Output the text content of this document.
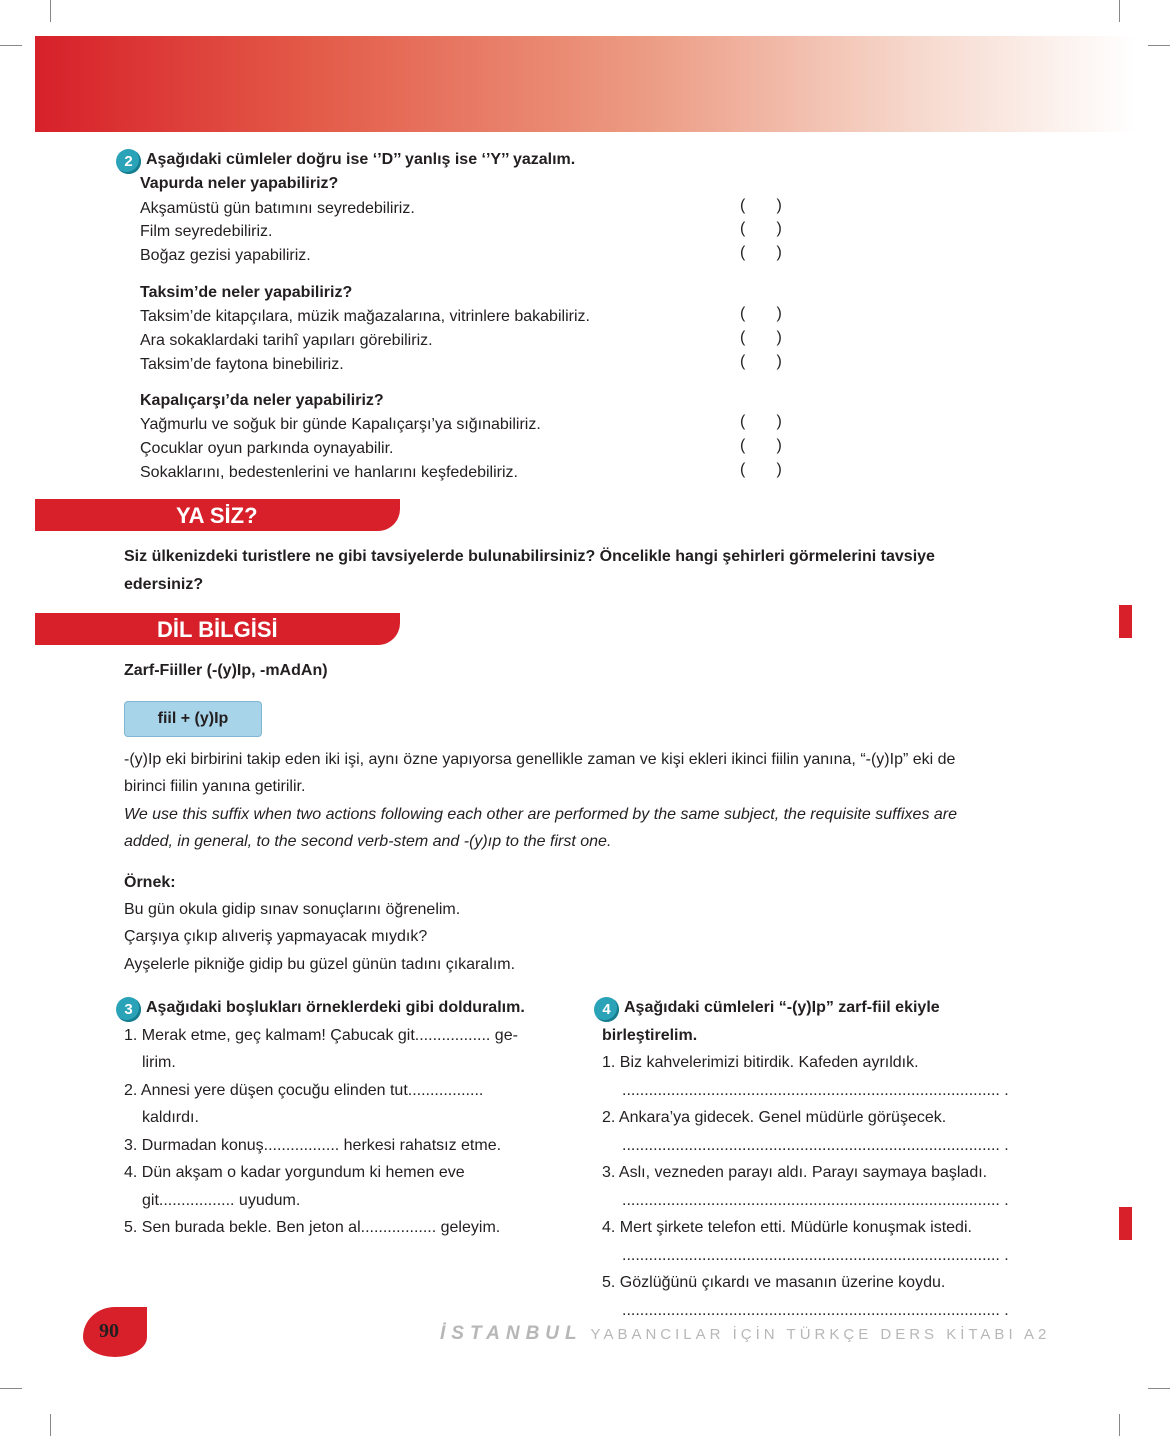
2 Aşağıdaki cümleler doğru ise ‘’D’’ yanlış ise ‘’Y’’ yazalım.
Vapurda neler yapabiliriz?
Akşamüstü gün batımını seyredebiliriz.	(       )
Film seyredebiliriz.	(       )
Boğaz gezisi yapabiliriz.	(       )
Taksim’de neler yapabiliriz?
Taksim’de kitapçılara, müzik mağazalarına, vitrinlere bakabiliriz.	(       )
Ara sokaklardaki tarihî yapıları görebiliriz.	(       )
Taksim’de faytona binebiliriz.	(       )
Kapalıçarşı’da neler yapabiliriz?
Yağmurlu ve soğuk bir günde Kapalıçarşı’ya sığınabiliriz.	(       )
Çocuklar oyun parkında oynayabilir.	(       )
Sokaklarını, bedestenlerini ve hanlarını keşfedebiliriz.	(       )
YA SİZ?
Siz ülkenizdeki turistlere ne gibi tavsiyelerde bulunabilirsiniz? Öncelikle hangi şehirleri görmelerini tavsiye
edersiniz?
DİL BİLGİSİ
Zarf-Fiiller (-(y)Ip, -mAdAn)
fiil + (y)Ip
-(y)Ip eki birbirini takip eden iki işi, aynı özne yapıyorsa genellikle zaman ve kişi ekleri ikinci fiilin yanına, “-(y)Ip” eki de
birinci fiilin yanına getirilir.
We use this suffix when two actions following each other are performed by the same subject, the requisite suffixes are
added, in general, to the second verb-stem and -(y)ıp to the first one.
Örnek:
Bu gün okula gidip sınav sonuçlarını öğrenelim.
Çarşıya çıkıp alıveriş yapmayacak mıydık?
Ayşelerle pikniğe gidip bu güzel günün tadını çıkaralım.
3 Aşağıdaki boşlukları örneklerdeki gibi dolduralım.
1. Merak etme, geç kalmam! Çabucak git................. ge-
lirim.
2. Annesi yere düşen çocuğu elinden tut.................
kaldırdı.
3. Durmadan konuş................. herkesi rahatsız etme.
4. Dün akşam o kadar yorgundum ki hemen eve
git................. uyudum.
5. Sen burada bekle. Ben jeton al................. geleyim.
4 Aşağıdaki cümleleri “-(y)Ip” zarf-fiil ekiyle
birleştirelim.
1. Biz kahvelerimizi bitirdik. Kafeden ayrıldık.
..................................................................................... .
2. Ankara’ya gidecek. Genel müdürle görüşecek.
..................................................................................... .
3. Aslı, vezneden parayı aldı. Parayı saymaya başladı.
..................................................................................... .
4. Mert şirkete telefon etti. Müdürle konuşmak istedi.
..................................................................................... .
5. Gözlüğünü çıkardı ve masanın üzerine koydu.
..................................................................................... .
90	İSTANBUL YABANCILAR İÇİN TÜRKÇE DERS KİTABI A2
